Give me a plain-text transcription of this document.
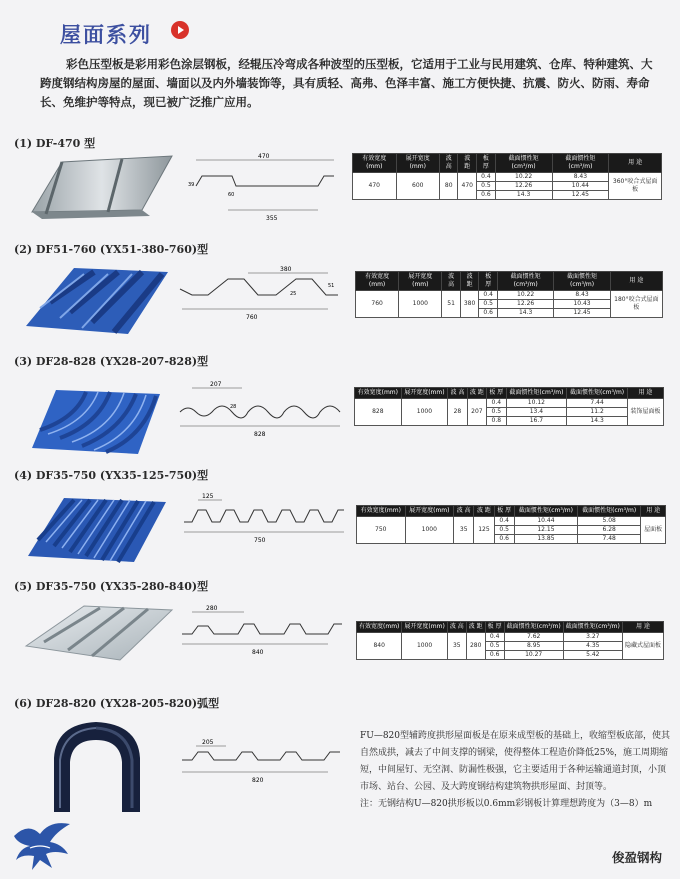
屋面系列
彩色压型板是彩用彩色涂层钢板，经辊压冷弯成各种波型的压型板，它适用于工业与民用建筑、仓库、特种建筑、大跨度钢结构房屋的屋面、墙面以及内外墙装饰等，具有质轻、高弗、色泽丰富、施工方便快捷、抗震、防火、防雨、寿命长、免维护等特点，现已被广泛推广应用。
(1) DF-470 型
470
39
60
355
有效宽度(mm)	展开宽度(mm)	波 高	波 距	板 厚	截面惯性矩(cm³/m)	截面惯性矩(cm³/m)	用 途
470	600	80	470	0.4	10.22	8.43	360°咬合式屋面板
				0.5	12.26	10.44	
				0.6	14.3	12.45	
(2) DF51-760 (YX51-380-760)型
380
25
51
760
有效宽度(mm)	展开宽度(mm)	波 高	波 距	板 厚	截面惯性矩(cm³/m)	截面惯性矩(cm³/m)	用 途
760	1000	51	380	0.4	10.22	8.43	180°咬合式屋面板
				0.5	12.26	10.43	
				0.6	14.3	12.45	
(3) DF28-828 (YX28-207-828)型
207
28
828
有效宽度(mm)	展开宽度(mm)	波 高	波 距	板 厚	截面惯性矩(cm³/m)	截面惯性矩(cm³/m)	用 途
828	1000	28	207	0.4	10.12	7.44	装饰屋面板
				0.5	13.4	11.2	
				0.8	16.7	14.3	
(4) DF35-750 (YX35-125-750)型
125
750
有效宽度(mm)	展开宽度(mm)	波 高	波 距	板 厚	截面惯性矩(cm³/m)	截面惯性矩(cm³/m)	用 途
750	1000	35	125	0.4	10.44	5.08	屋面板
				0.5	12.15	6.28	
				0.6	13.85	7.48	
(5) DF35-750 (YX35-280-840)型
280
840
有效宽度(mm)	展开宽度(mm)	波 高	波 距	板 厚	截面惯性矩(cm³/m)	截面惯性矩(cm³/m)	用 途
840	1000	35	280	0.4	7.62	3.27	隐藏式屋面板
				0.5	8.95	4.35	
				0.6	10.27	5.42	
(6) DF28-820 (YX28-205-820)弧型
205
820

FU—820型辅跨度拱形屋面板是在原来成型板的基础上，收缩型板底部，使其自然成拱，减去了中间支撑的钢梁，使得整体工程造价降低25%，施工周期缩短，中间屋钉、无空洞、防漏性极强，它主要适用于各种运输通道封顶，小顶市场、站台、公园、及大跨度钢结构建筑物拱形屋面、封顶等。

注：无钢结构U—820拱形板以0.6mm彩钢板计算理想跨度为（3—8）m

俊盈钢构
